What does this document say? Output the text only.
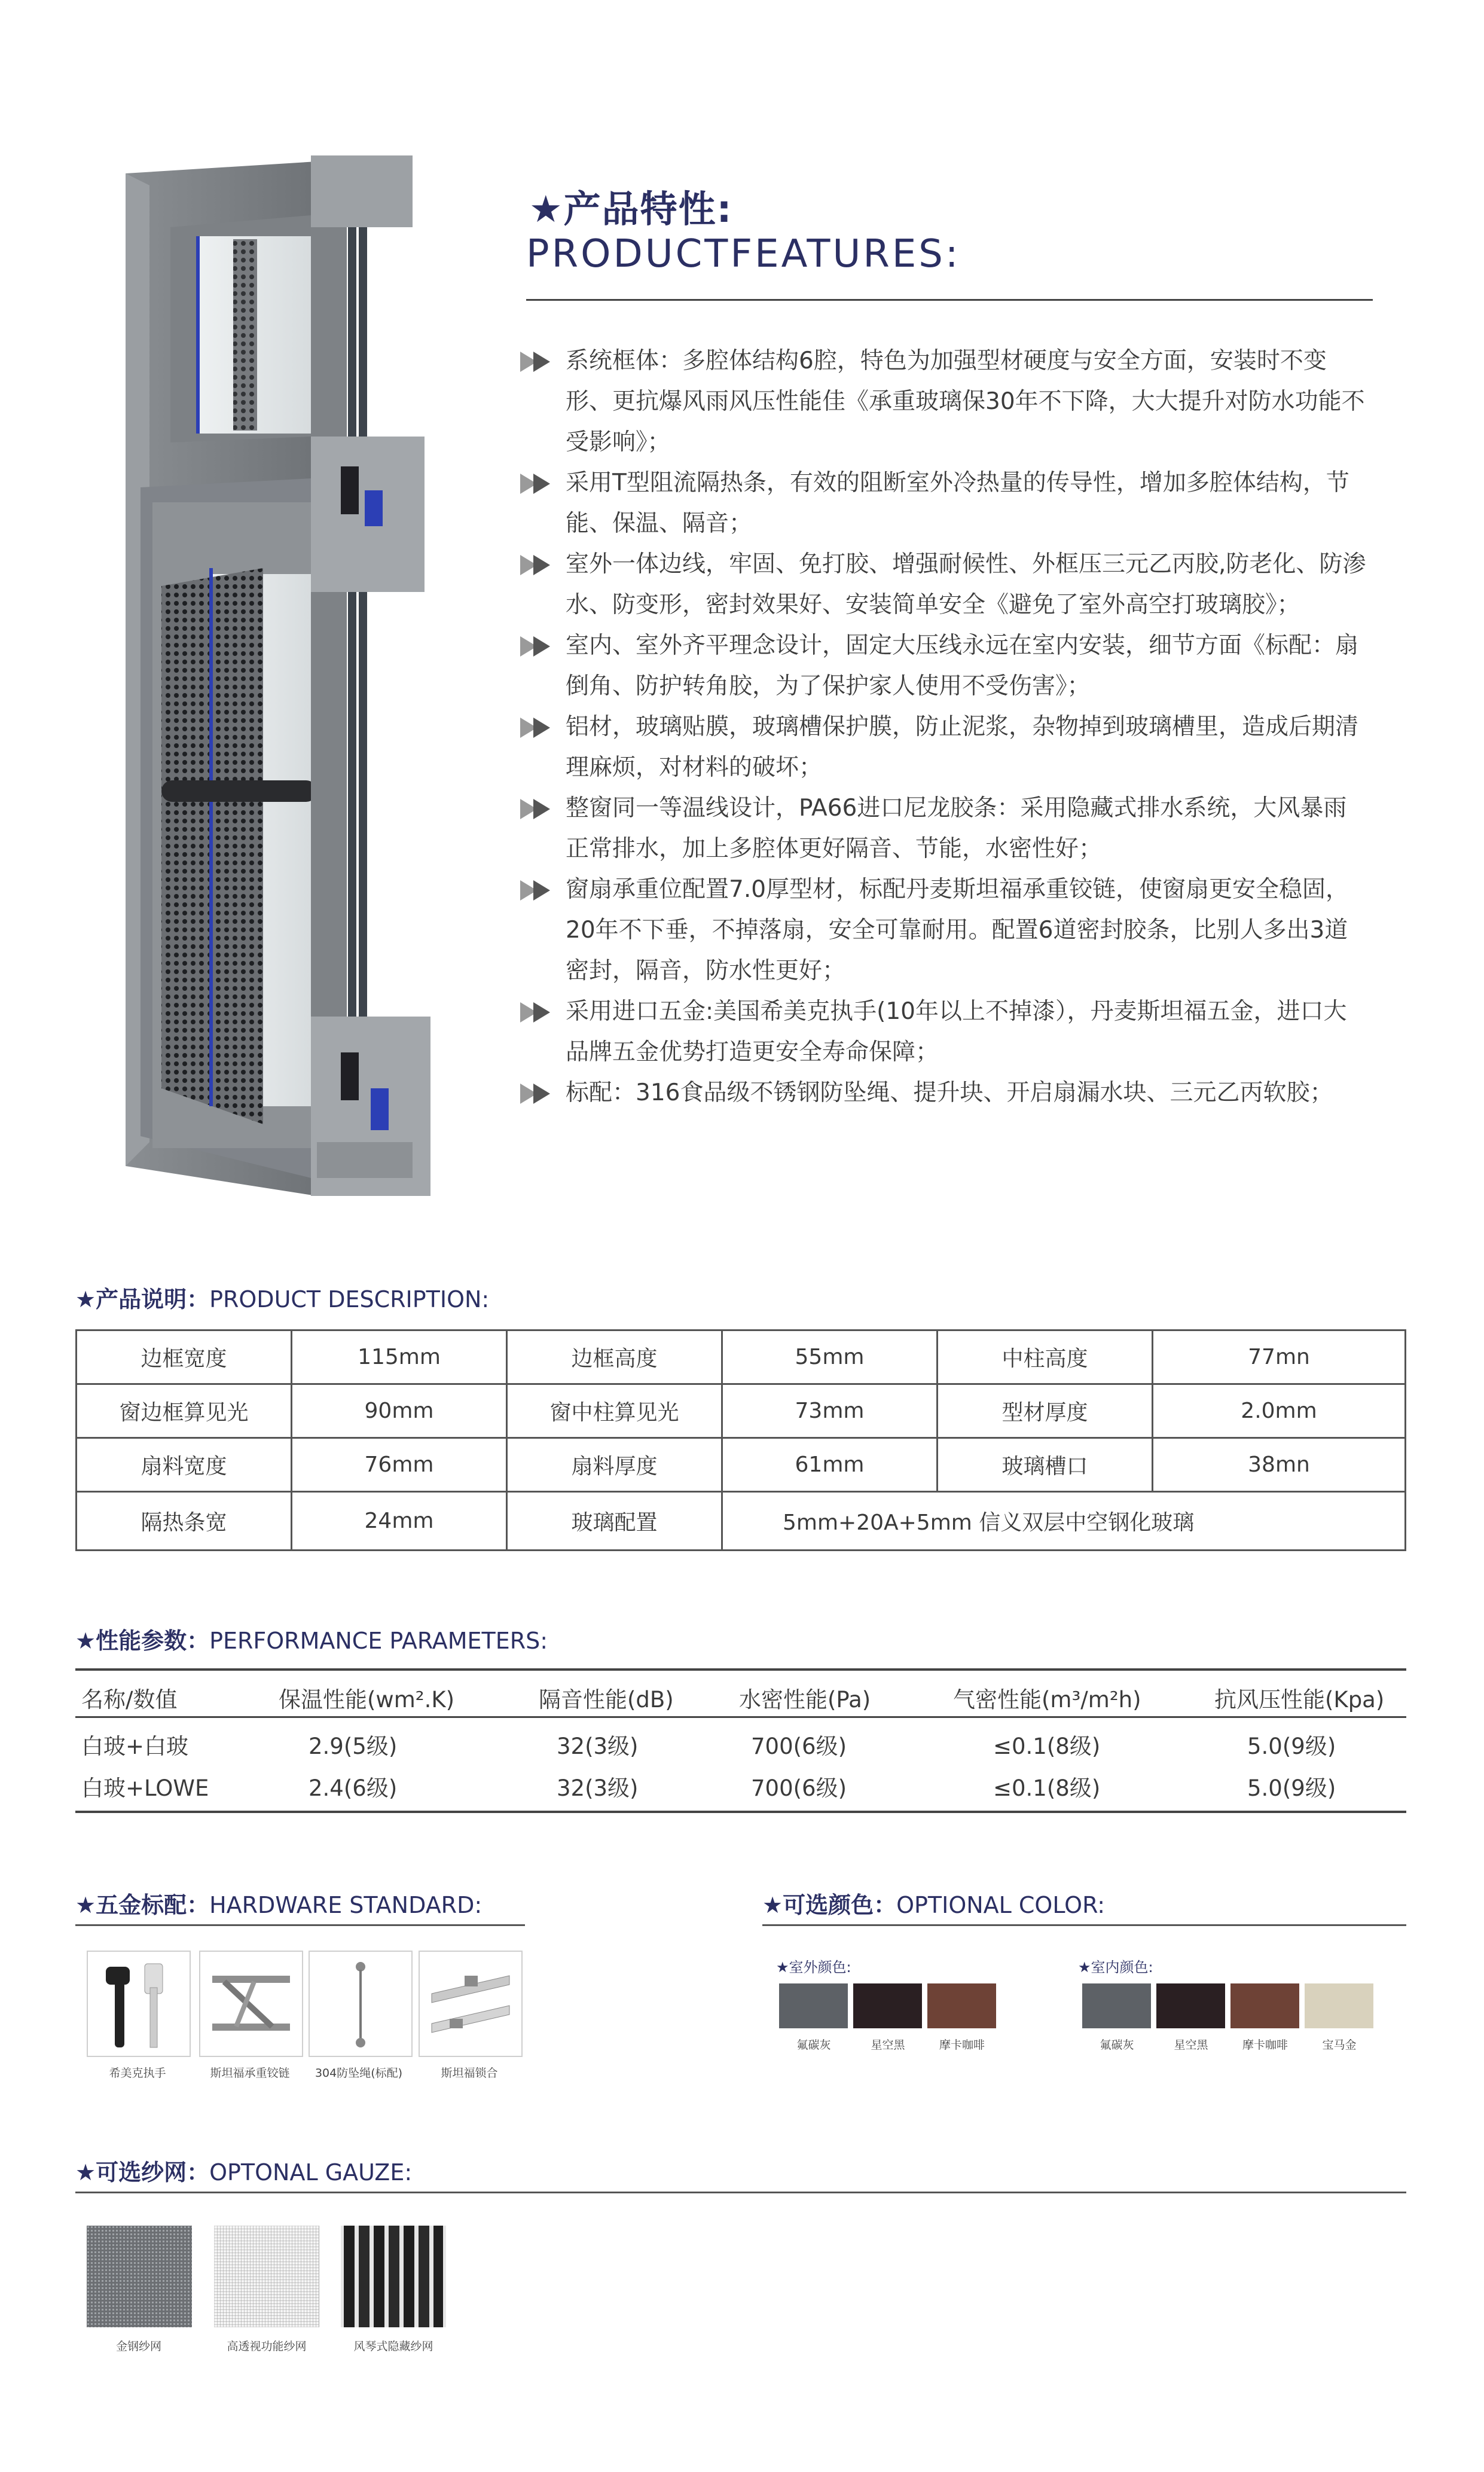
★产品特性:
PRODUCTFEATURES:
系统框体：多腔体结构6腔，特色为加强型材硬度与安全方面，安装时不变形、更抗爆风雨风压性能佳《承重玻璃保30年不下降，大大提升对防水功能不受影响》；
采用T型阻流隔热条，有效的阻断室外冷热量的传导性，增加多腔体结构，节能、保温、隔音；
室外一体边线，牢固、免打胶、增强耐候性、外框压三元乙丙胶,防老化、防渗水、防变形，密封效果好、安装简单安全《避免了室外高空打玻璃胶》；
室内、室外齐平理念设计，固定大压线永远在室内安装，细节方面《标配：扇倒角、防护转角胶，为了保护家人使用不受伤害》；
铝材，玻璃贴膜，玻璃槽保护膜，防止泥浆，杂物掉到玻璃槽里，造成后期清理麻烦，对材料的破坏；
整窗同一等温线设计，PA66进口尼龙胶条：采用隐藏式排水系统，大风暴雨正常排水，加上多腔体更好隔音、节能，水密性好；
窗扇承重位配置7.0厚型材，标配丹麦斯坦福承重铰链，使窗扇更安全稳固，20年不下垂，不掉落扇，安全可靠耐用。配置6道密封胶条，比别人多出3道密封，隔音，防水性更好；
采用进口五金:美国希美克执手(10年以上不掉漆），丹麦斯坦福五金，进口大品牌五金优势打造更安全寿命保障；
标配：316食品级不锈钢防坠绳、提升块、开启扇漏水块、三元乙丙软胶；
★产品说明：PRODUCT DESCRIPTION:
边框宽度	115mm	边框高度	55mm	中柱高度	77mn
窗边框算见光	90mm	窗中柱算见光	73mm	型材厚度	2.0mm
扇料宽度	76mm	扇料厚度	61mm	玻璃槽口	38mn
隔热条宽	24mm	玻璃配置	5mm+20A+5mm 信义双层中空钢化玻璃		
★性能参数：PERFORMANCE PARAMETERS:
名称/数值	保温性能(wm².K)	隔音性能(dB)	水密性能(Pa)	气密性能(m³/m²h)	抗风压性能(Kpa)
白玻+白玻	2.9(5级)	32(3级)	700(6级)	≤0.1(8级)	5.0(9级)
白玻+LOWE	2.4(6级)	32(3级)	700(6级)	≤0.1(8级)	5.0(9级)
★五金标配：HARDWARE STANDARD:
希美克执手	斯坦福承重铰链	304防坠绳(标配)	斯坦福锁合
★可选颜色：OPTIONAL COLOR:
★室外颜色:	★室内颜色:
氟碳灰	星空黑	摩卡咖啡	氟碳灰	星空黑	摩卡咖啡	宝马金
★可选纱网：OPTONAL GAUZE:
金钢纱网	高透视功能纱网	风琴式隐藏纱网
